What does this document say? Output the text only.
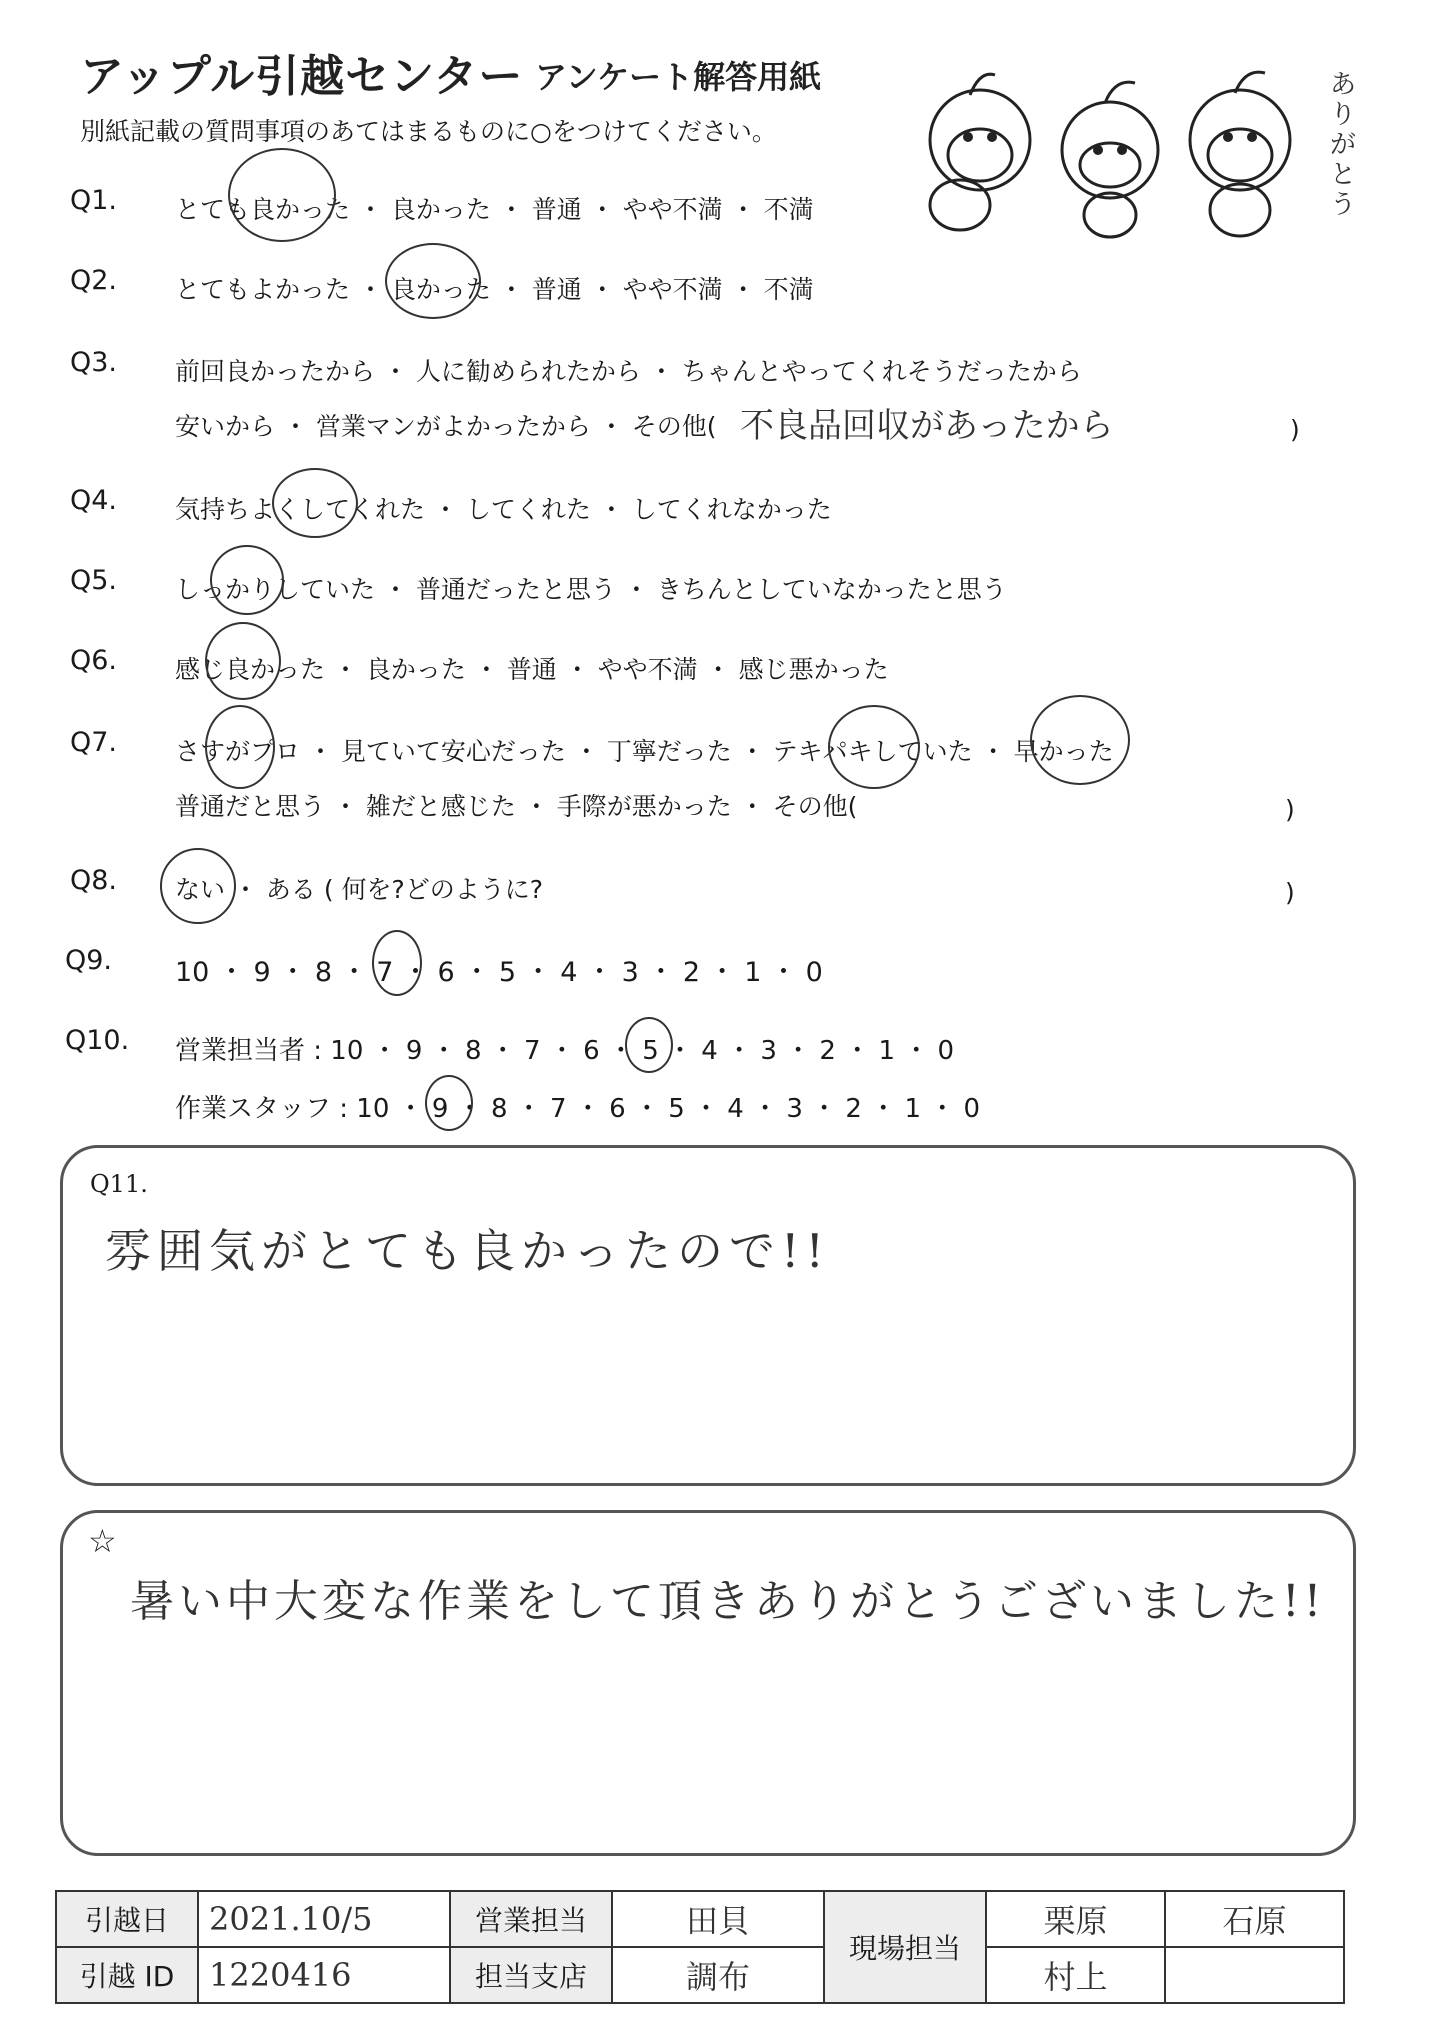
アップル引越センター アンケート解答用紙
別紙記載の質問事項のあてはまるものに○をつけてください。
ありがとう
Q1.
Q2.
Q3.
Q4.
Q5.
Q6.
Q7.
Q8.
Q9.
Q10.
とても良かった ・ 良かった ・ 普通 ・ やや不満 ・ 不満
とてもよかった ・ 良かった ・ 普通 ・ やや不満 ・ 不満
前回良かったから ・ 人に勧められたから ・ ちゃんとやってくれそうだったから
安いから ・ 営業マンがよかったから ・ その他( 不良品回収があったから	)
気持ちよくしてくれた ・ してくれた ・ してくれなかった
しっかりしていた ・ 普通だったと思う ・ きちんとしていなかったと思う
感じ良かった ・ 良かった ・ 普通 ・ やや不満 ・ 感じ悪かった
さすがプロ ・ 見ていて安心だった ・ 丁寧だった ・ テキパキしていた ・ 早かった
普通だと思う ・ 雑だと感じた ・ 手際が悪かった ・ その他(	)
ない ・ ある ( 何を?どのように?	)
10 ・ 9 ・ 8 ・ 7 ・ 6 ・ 5 ・ 4 ・ 3 ・ 2 ・ 1 ・ 0
営業担当者 : 10 ・ 9 ・ 8 ・ 7 ・ 6 ・ 5 ・ 4 ・ 3 ・ 2 ・ 1 ・ 0
作業スタッフ : 10 ・ 9 ・ 8 ・ 7 ・ 6 ・ 5 ・ 4 ・ 3 ・ 2 ・ 1 ・ 0
Q11.
雰囲気がとても良かったので!!
☆
暑い中大変な作業をして頂きありがとうございました!!
引越日	2021.10/5	営業担当	田貝	現場担当	栗原	石原
引越 ID	1220416	担当支店	調布		村上	
